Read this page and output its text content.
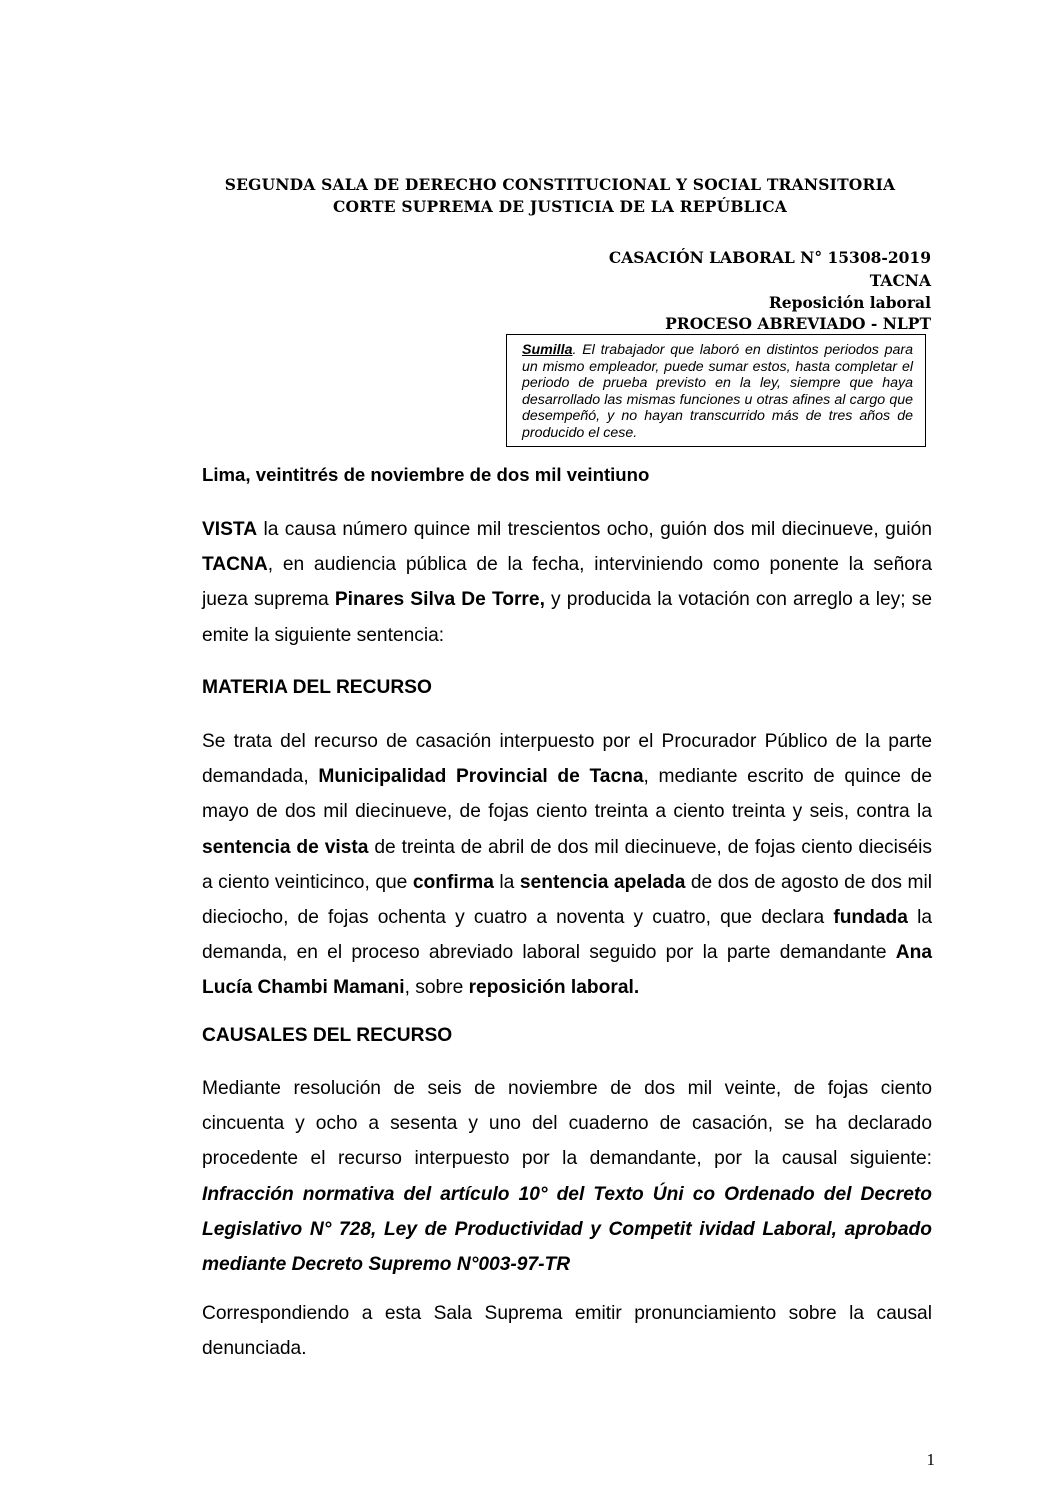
SEGUNDA SALA DE DERECHO CONSTITUCIONAL Y SOCIAL TRANSITORIA
CORTE SUPREMA DE JUSTICIA DE LA REPÚBLICA
CASACIÓN LABORAL N° 15308-2019
TACNA
Reposición laboral
PROCESO ABREVIADO - NLPT
Sumilla. El trabajador que laboró en distintos periodos para un mismo empleador, puede sumar estos, hasta completar el periodo de prueba previsto en la ley, siempre que haya desarrollado las mismas funciones u otras afines al cargo que desempeñó, y no hayan transcurrido más de tres años de producido el cese.
Lima, veintitrés de noviembre de dos mil veintiuno
VISTA la causa número quince mil trescientos ocho, guión dos mil diecinueve, guión TACNA, en audiencia pública de la fecha, interviniendo como ponente la señora jueza suprema Pinares Silva De Torre, y producida la votación con arreglo a ley; se emite la siguiente sentencia:
MATERIA DEL RECURSO
Se trata del recurso de casación interpuesto por el Procurador Público de la parte demandada, Municipalidad Provincial de Tacna, mediante escrito de quince de mayo de dos mil diecinueve, de fojas ciento treinta a ciento treinta y seis, contra la sentencia de vista de treinta de abril de dos mil diecinueve, de fojas ciento dieciséis a ciento veinticinco, que confirma la sentencia apelada de dos de agosto de dos mil dieciocho, de fojas ochenta y cuatro a noventa y cuatro, que declara fundada la demanda, en el proceso abreviado laboral seguido por la parte demandante Ana Lucía Chambi Mamani, sobre reposición laboral.
CAUSALES DEL RECURSO
Mediante resolución de seis de noviembre de dos mil veinte, de fojas ciento cincuenta y ocho a sesenta y uno del cuaderno de casación, se ha declarado procedente el recurso interpuesto por la demandante, por la causal siguiente: Infracción normativa del artículo 10° del Texto Úni co Ordenado del Decreto Legislativo N° 728, Ley de Productividad y Competit ividad Laboral, aprobado mediante Decreto Supremo N°003-97-TR
Correspondiendo a esta Sala Suprema emitir pronunciamiento sobre la causal denunciada.
1
